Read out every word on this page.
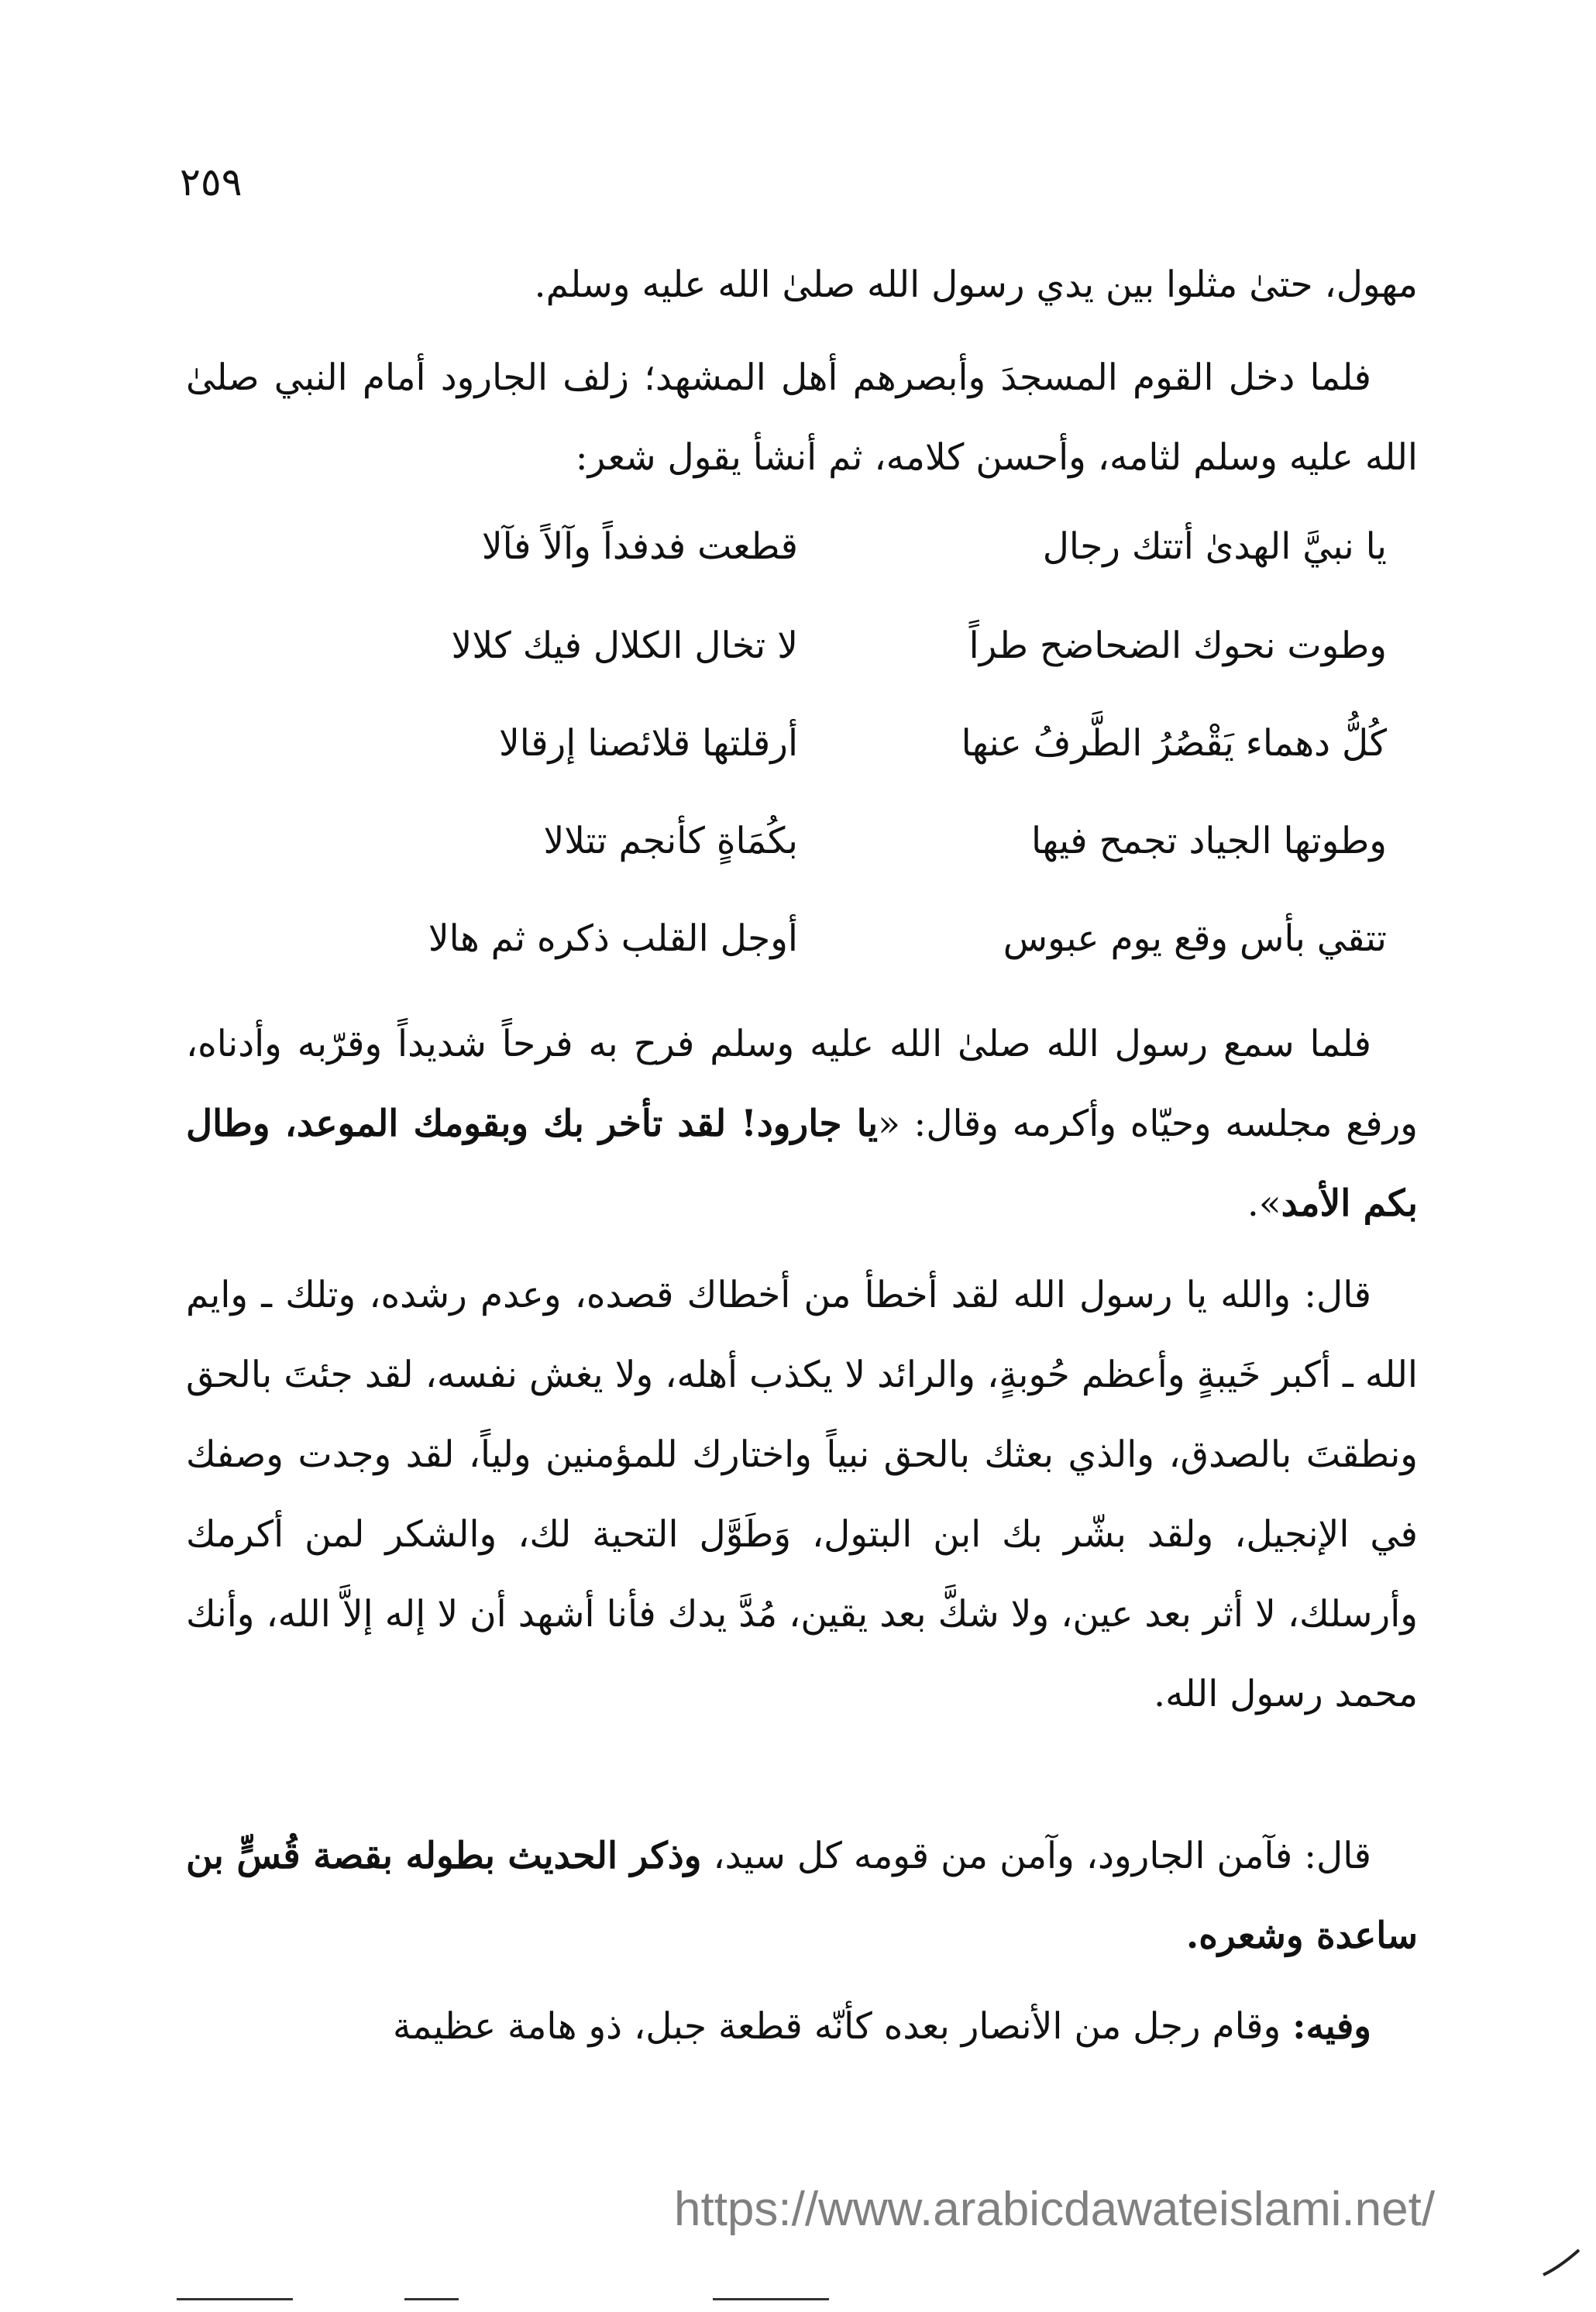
٢٥٩

مهول، حتىٰ مثلوا بين يدي رسول الله صلىٰ الله عليه وسلم.

فلما دخل القوم المسجدَ وأبصرهم أهل المشهد؛ زلف الجارود أمام النبي صلىٰ الله عليه وسلم لثامه، وأحسن كلامه، ثم أنشأ يقول شعر:

يا نبيَّ الهدىٰ أتتك رجال
قطعت فدفداً وآلاً فآلا
وطوت نحوك الضحاضح طراً
لا تخال الكلال فيك كلالا
كُلُّ دهماء يَقْصُرُ الطَّرفُ عنها
أرقلتها قلائصنا إرقالا
وطوتها الجياد تجمح فيها
بكُمَاةٍ كأنجم تتلالا
تتقي بأس وقع يوم عبوس
أوجل القلب ذكره ثم هالا

فلما سمع رسول الله صلىٰ الله عليه وسلم فرح به فرحاً شديداً وقرّبه وأدناه، ورفع مجلسه وحيّاه وأكرمه وقال: «يا جارود! لقد تأخر بك وبقومك الموعد، وطال بكم الأمد».

قال: والله يا رسول الله لقد أخطأ من أخطاك قصده، وعدم رشده، وتلك ـ وايم الله ـ أكبر خَيبةٍ وأعظم حُوبةٍ، والرائد لا يكذب أهله، ولا يغش نفسه، لقد جئتَ بالحق ونطقتَ بالصدق، والذي بعثك بالحق نبياً واختارك للمؤمنين ولياً، لقد وجدت وصفك في الإنجيل، ولقد بشّر بك ابن البتول، وَطَوَّل التحية لك، والشكر لمن أكرمك وأرسلك، لا أثر بعد عين، ولا شكَّ بعد يقين، مُدَّ يدك فأنا أشهد أن لا إله إلاَّ الله، وأنك محمد رسول الله.

قال: فآمن الجارود، وآمن من قومه كل سيد، وذكر الحديث بطوله بقصة قُسٍّ بن ساعدة وشعره.

وفيه: وقام رجل من الأنصار بعده كأنّه قطعة جبل، ذو هامة عظيمة

https://www.arabicdawateislami.net/
